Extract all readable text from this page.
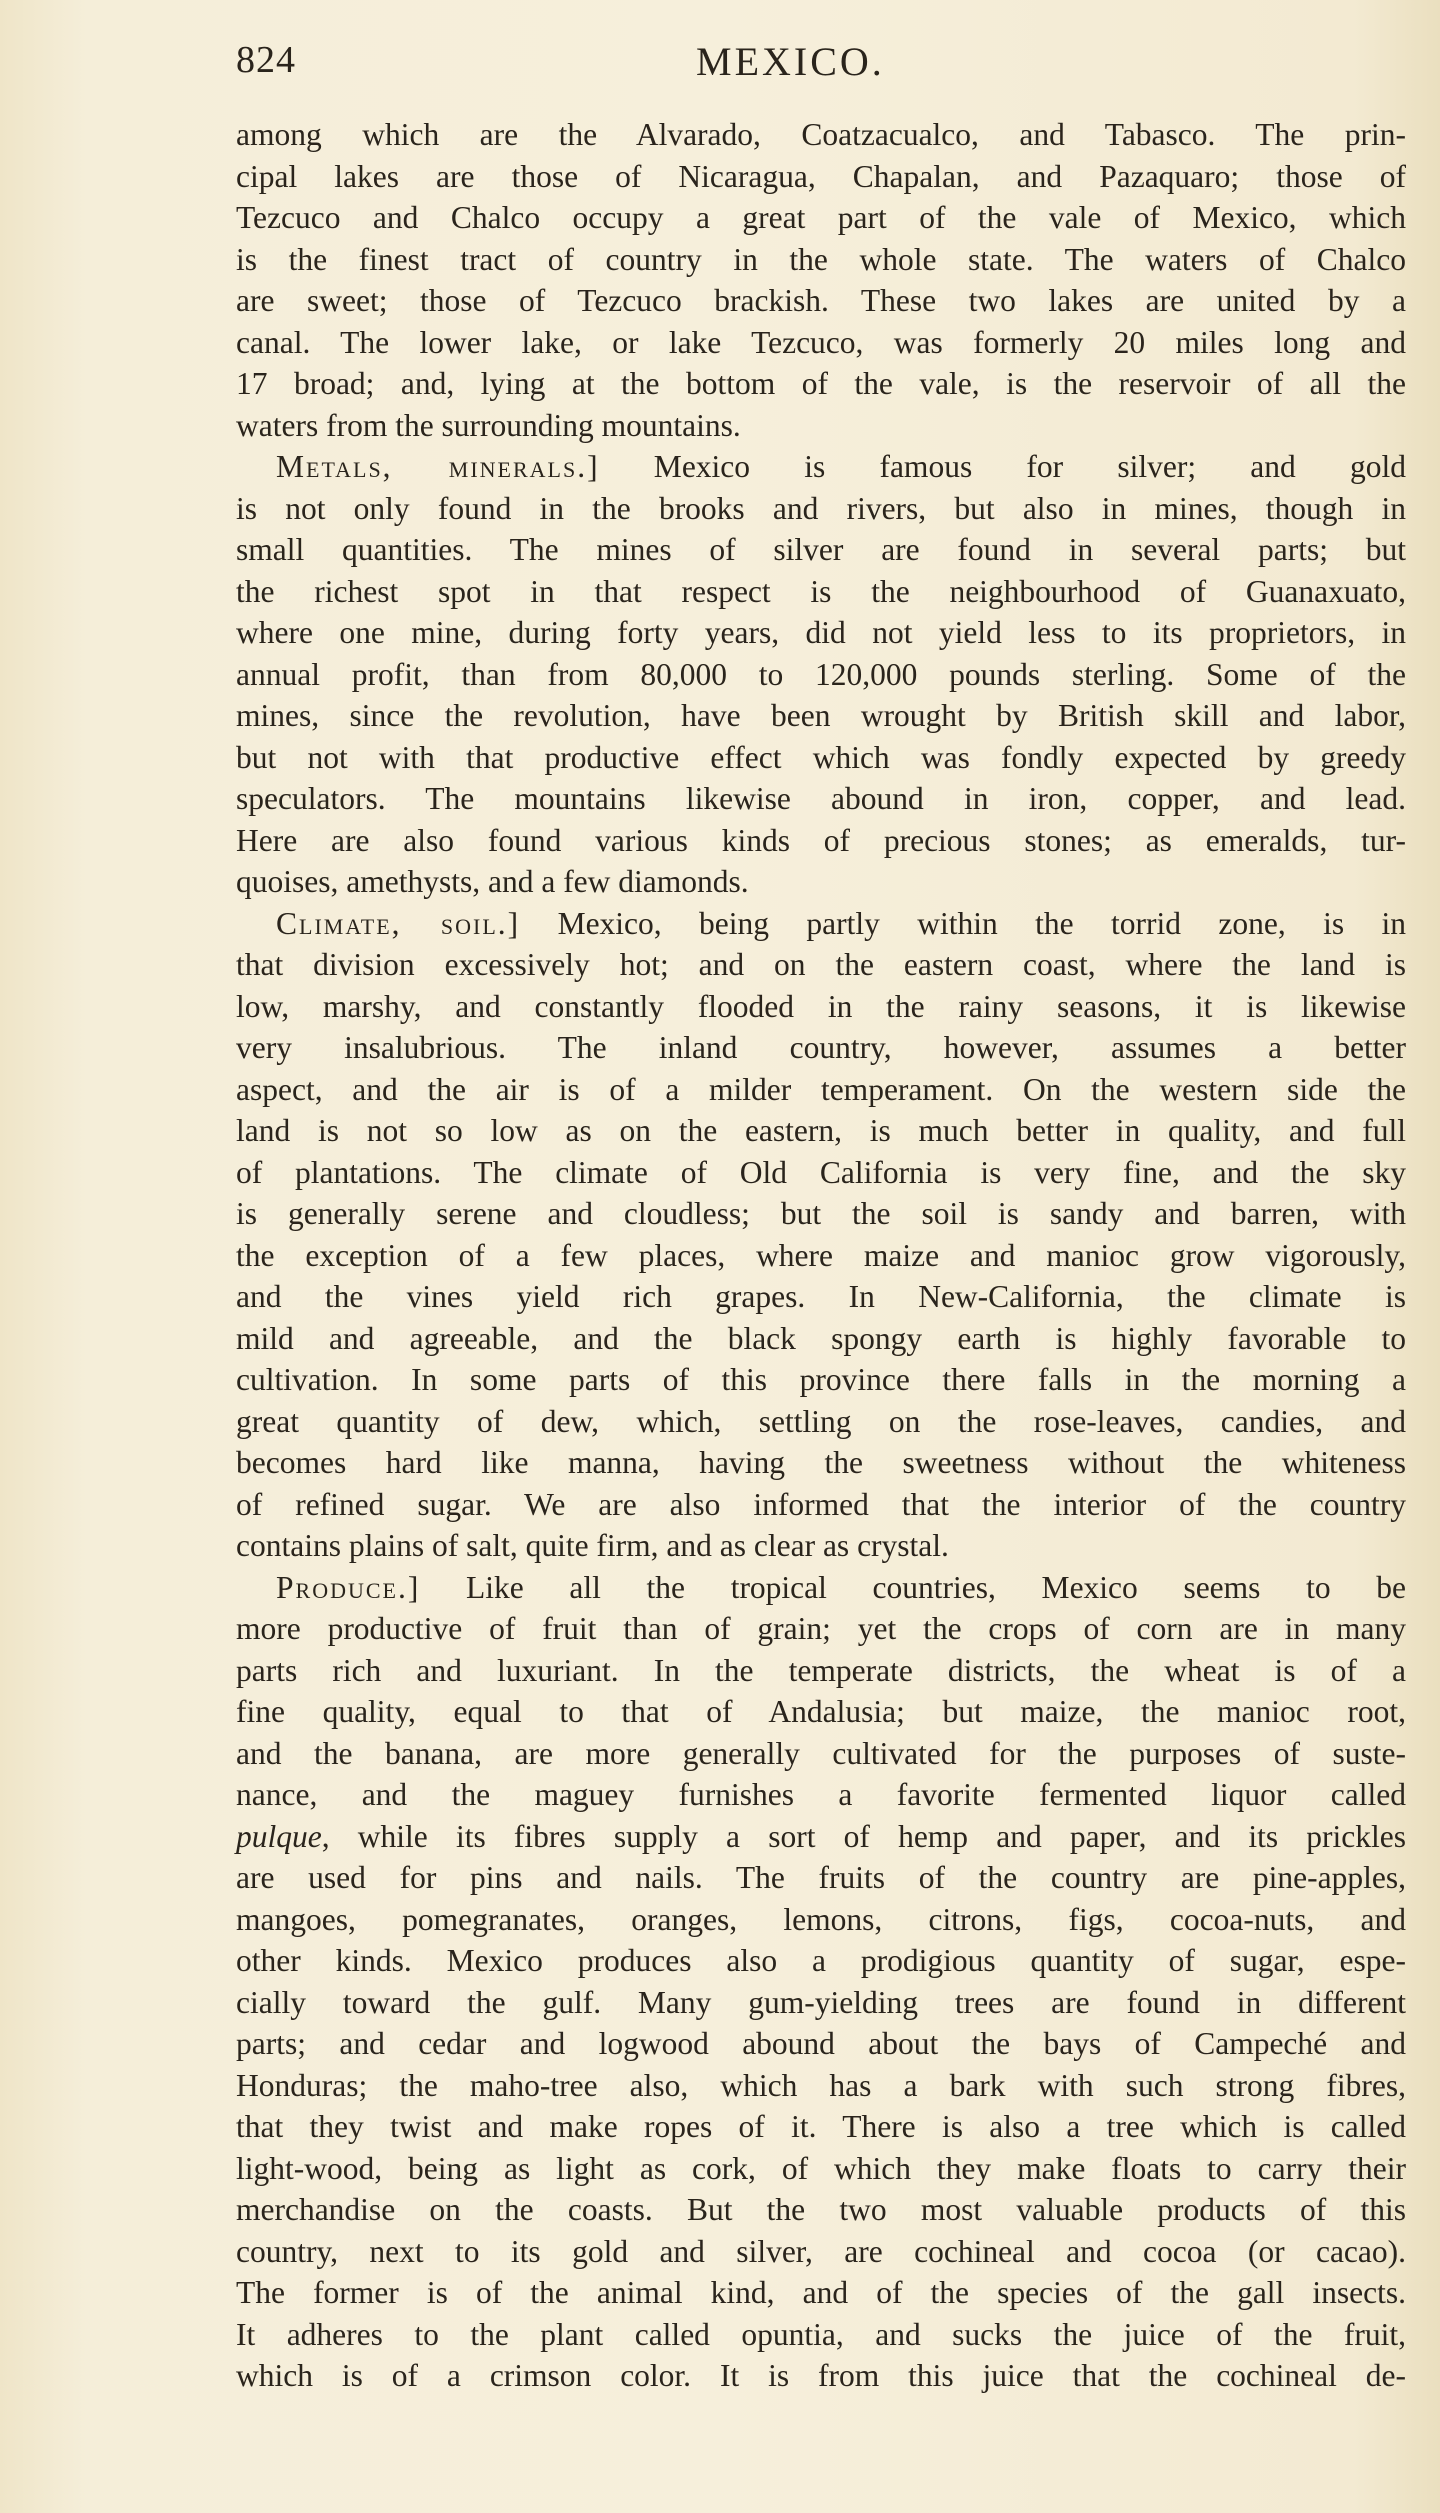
824	MEXICO.
among which are the Alvarado, Coatzacualco, and Tabasco. The prin-
cipal lakes are those of Nicaragua, Chapalan, and Pazaquaro; those of
Tezcuco and Chalco occupy a great part of the vale of Mexico, which
is the finest tract of country in the whole state. The waters of Chalco
are sweet; those of Tezcuco brackish. These two lakes are united by a
canal. The lower lake, or lake Tezcuco, was formerly 20 miles long and
17 broad; and, lying at the bottom of the vale, is the reservoir of all the
waters from the surrounding mountains.
Metals, minerals.] Mexico is famous for silver; and gold
is not only found in the brooks and rivers, but also in mines, though in
small quantities. The mines of silver are found in several parts; but
the richest spot in that respect is the neighbourhood of Guanaxuato,
where one mine, during forty years, did not yield less to its proprietors, in
annual profit, than from 80,000 to 120,000 pounds sterling. Some of the
mines, since the revolution, have been wrought by British skill and labor,
but not with that productive effect which was fondly expected by greedy
speculators. The mountains likewise abound in iron, copper, and lead.
Here are also found various kinds of precious stones; as emeralds, tur-
quoises, amethysts, and a few diamonds.
Climate, soil.] Mexico, being partly within the torrid zone, is in
that division excessively hot; and on the eastern coast, where the land is
low, marshy, and constantly flooded in the rainy seasons, it is likewise
very insalubrious. The inland country, however, assumes a better
aspect, and the air is of a milder temperament. On the western side the
land is not so low as on the eastern, is much better in quality, and full
of plantations. The climate of Old California is very fine, and the sky
is generally serene and cloudless; but the soil is sandy and barren, with
the exception of a few places, where maize and manioc grow vigorously,
and the vines yield rich grapes. In New-California, the climate is
mild and agreeable, and the black spongy earth is highly favorable to
cultivation. In some parts of this province there falls in the morning a
great quantity of dew, which, settling on the rose-leaves, candies, and
becomes hard like manna, having the sweetness without the whiteness
of refined sugar. We are also informed that the interior of the country
contains plains of salt, quite firm, and as clear as crystal.
Produce.] Like all the tropical countries, Mexico seems to be
more productive of fruit than of grain; yet the crops of corn are in many
parts rich and luxuriant. In the temperate districts, the wheat is of a
fine quality, equal to that of Andalusia; but maize, the manioc root,
and the banana, are more generally cultivated for the purposes of suste-
nance, and the maguey furnishes a favorite fermented liquor called
pulque, while its fibres supply a sort of hemp and paper, and its prickles
are used for pins and nails. The fruits of the country are pine-apples,
mangoes, pomegranates, oranges, lemons, citrons, figs, cocoa-nuts, and
other kinds. Mexico produces also a prodigious quantity of sugar, espe-
cially toward the gulf. Many gum-yielding trees are found in different
parts; and cedar and logwood abound about the bays of Campeché and
Honduras; the maho-tree also, which has a bark with such strong fibres,
that they twist and make ropes of it. There is also a tree which is called
light-wood, being as light as cork, of which they make floats to carry their
merchandise on the coasts. But the two most valuable products of this
country, next to its gold and silver, are cochineal and cocoa (or cacao).
The former is of the animal kind, and of the species of the gall insects.
It adheres to the plant called opuntia, and sucks the juice of the fruit,
which is of a crimson color. It is from this juice that the cochineal de-
